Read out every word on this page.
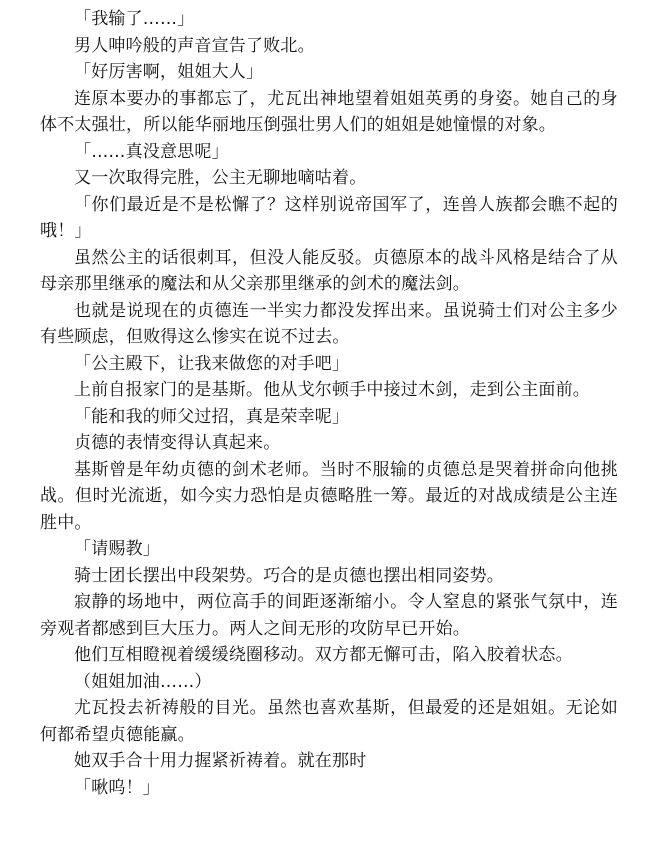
「我输了……」

男人呻吟般的声音宣告了败北。

「好厉害啊，姐姐大人」

连原本要办的事都忘了，尤瓦出神地望着姐姐英勇的身姿。她自己的身体不太强壮，所以能华丽地压倒强壮男人们的姐姐是她憧憬的对象。

「……真没意思呢」

又一次取得完胜，公主无聊地嘀咕着。

「你们最近是不是松懈了？这样别说帝国军了，连兽人族都会瞧不起的哦！」

虽然公主的话很刺耳，但没人能反驳。贞德原本的战斗风格是结合了从母亲那里继承的魔法和从父亲那里继承的剑术的魔法剑。

也就是说现在的贞德连一半实力都没发挥出来。虽说骑士们对公主多少有些顾虑，但败得这么惨实在说不过去。

「公主殿下，让我来做您的对手吧」

上前自报家门的是基斯。他从戈尔顿手中接过木剑，走到公主面前。

「能和我的师父过招，真是荣幸呢」

贞德的表情变得认真起来。

基斯曾是年幼贞德的剑术老师。当时不服输的贞德总是哭着拼命向他挑战。但时光流逝，如今实力恐怕是贞德略胜一筹。最近的对战成绩是公主连胜中。

「请赐教」

骑士团长摆出中段架势。巧合的是贞德也摆出相同姿势。

寂静的场地中，两位高手的间距逐渐缩小。令人窒息的紧张气氛中，连旁观者都感到巨大压力。两人之间无形的攻防早已开始。

他们互相瞪视着缓缓绕圈移动。双方都无懈可击，陷入胶着状态。

（姐姐加油……）

尤瓦投去祈祷般的目光。虽然也喜欢基斯，但最爱的还是姐姐。无论如何都希望贞德能赢。

她双手合十用力握紧祈祷着。就在那时

「啾呜！」
